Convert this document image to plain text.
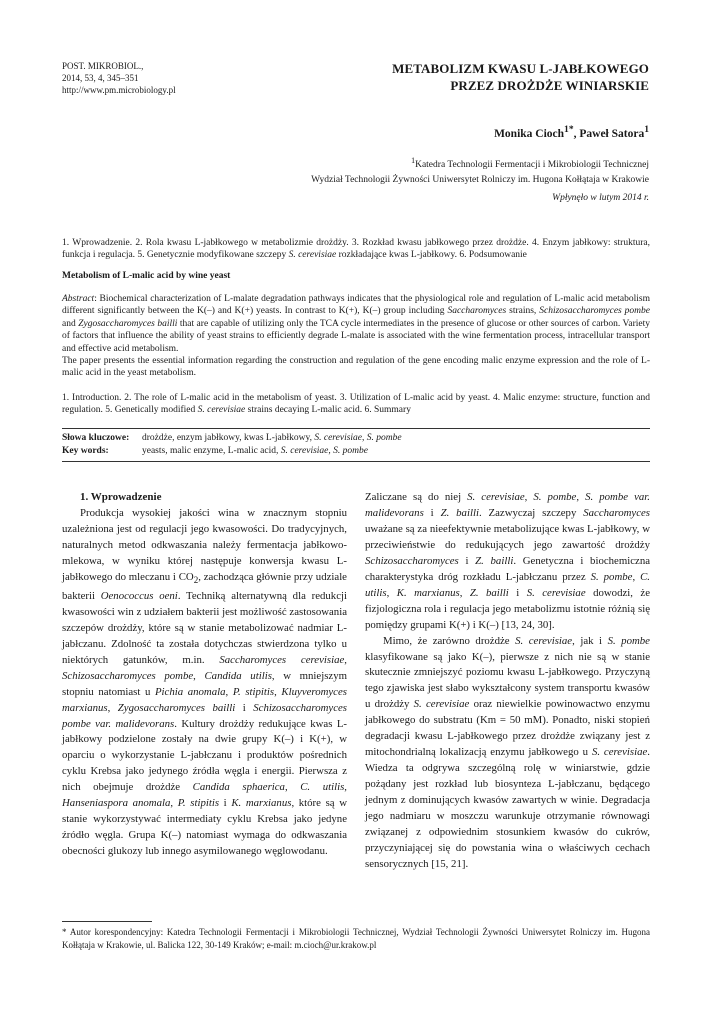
POST. MIKROBIOL.,
2014, 53, 4, 345–351
http://www.pm.microbiology.pl
METABOLIZM KWASU L-JABŁKOWEGO
PRZEZ DROŻDŻE WINIARSKIE
Monika Cioch$^{1*}$, Paweł Satora$^1$
$^1$Katedra Technologii Fermentacji i Mikrobiologii Technicznej
Wydział Technologii Żywności Uniwersytet Rolniczy im. Hugona Kołłątaja w Krakowie
Wpłynęło w lutym 2014 r.
1. Wprowadzenie. 2. Rola kwasu L-jabłkowego w metabolizmie drożdży. 3. Rozkład kwasu jabłkowego przez drożdże. 4. Enzym jabłkowy: struktura, funkcja i regulacja. 5. Genetycznie modyfikowane szczepy S. cerevisiae rozkładające kwas L-jabłkowy. 6. Podsumowanie
Metabolism of L-malic acid by wine yeast
Abstract: Biochemical characterization of L-malate degradation pathways indicates that the physiological role and regulation of L-malic acid metabolism different significantly between the K(–) and K(+) yeasts. In contrast to K(+), K(–) group including Saccharomyces strains, Schizosaccharomyces pombe and Zygosaccharomyces bailli that are capable of utilizing only the TCA cycle intermediates in the presence of glucose or other sources of carbon. Variety of factors that influence the ability of yeast strains to efficiently degrade L-malate is associated with the wine fermentation process, intracellular transport and effective acid metabolism.
The paper presents the essential information regarding the construction and regulation of the gene encoding malic enzyme expression and the role of L-malic acid in the yeast metabolism.
1. Introduction. 2. The role of L-malic acid in the metabolism of yeast. 3. Utilization of L-malic acid by yeast. 4. Malic enzyme: structure, function and regulation. 5. Genetically modified S. cerevisiae strains decaying L-malic acid. 6. Summary
Słowa kluczowe: drożdże, enzym jabłkowy, kwas L-jabłkowy, S. cerevisiae, S. pombe
Key words:	yeasts, malic enzyme, L-malic acid, S. cerevisiae, S. pombe

1. Wprowadzenie

Produkcja wysokiej jakości wina w znacznym stopniu uzależniona jest od regulacji jego kwasowości. Do tradycyjnych, naturalnych metod odkwaszania należy fermentacja jabłkowo-mlekowa, w wyniku której następuje konwersja kwasu L-jabłkowego do mleczanu i $CO_2$, zachodząca głównie przy udziale bakterii Oenococcus oeni. Techniką alternatywną dla redukcji kwasowości win z udziałem bakterii jest możliwość zastosowania szczepów drożdży, które są w stanie metabolizować nadmiar L-jabłczanu. Zdolność ta została dotychczas stwierdzona tylko u niektórych gatunków, m.in. Saccharomyces cerevisiae, Schizosaccharomyces pombe, Candida utilis, w mniejszym stopniu natomiast u Pichia anomala, P. stipitis, Kluyveromyces marxianus, Zygosaccharomyces bailli i Schizosaccharomyces pombe var. malidevorans. Kultury drożdży redukujące kwas L-jabłkowy podzielone zostały na dwie grupy K(–) i K(+), w oparciu o wykorzystanie L-jabłczanu i produktów pośrednich cyklu Krebsa jako jedynego źródła węgla i energii. Pierwsza z nich obejmuje drożdże Candida sphaerica, C. utilis, Hanseniaspora anomala, P. stipitis i K. marxianus, które są w stanie wykorzystywać intermediaty cyklu Krebsa jako jedyne źródło węgla. Grupa K(–) natomiast wymaga do odkwaszania obecności glukozy lub innego asymilowanego węglowodanu.

Zaliczane są do niej S. cerevisiae, S. pombe, S. pombe var. malidevorans i Z. bailli. Zazwyczaj szczepy Saccharomyces uważane są za nieefektywnie metabolizujące kwas L-jabłkowy, w przeciwieństwie do redukujących jego zawartość drożdży Schizosaccharomyces i Z. bailli. Genetyczna i biochemiczna charakterystyka dróg rozkładu L-jabłczanu przez S. pombe, C. utilis, K. marxianus, Z. bailli i S. cerevisiae dowodzi, że fizjologiczna rola i regulacja jego metabolizmu istotnie różnią się pomiędzy grupami K(+) i K(–) [13, 24, 30].

Mimo, że zarówno drożdże S. cerevisiae, jak i S. pombe klasyfikowane są jako K(–), pierwsze z nich nie są w stanie skutecznie zmniejszyć poziomu kwasu L-jabłkowego. Przyczyną tego zjawiska jest słabo wykształcony system transportu kwasów u drożdży S. cerevisiae oraz niewielkie powinowactwo enzymu jabłkowego do substratu (Km = 50 mM). Ponadto, niski stopień degradacji kwasu L-jabłkowego przez drożdże związany jest z mitochondrialną lokalizacją enzymu jabłkowego u S. cerevisiae. Wiedza ta odgrywa szczególną rolę w winiarstwie, gdzie pożądany jest rozkład lub biosynteza L-jabłczanu, będącego jednym z dominujących kwasów zawartych w winie. Degradacja jego nadmiaru w moszczu warunkuje otrzymanie równowagi związanej z odpowiednim stosunkiem kwasów do cukrów, przyczyniającej się do powstania wina o właściwych cechach sensorycznych [15, 21].

* Autor korespondencyjny: Katedra Technologii Fermentacji i Mikrobiologii Technicznej, Wydział Technologii Żywności Uniwersytet Rolniczy im. Hugona Kołłątaja w Krakowie, ul. Balicka 122, 30-149 Kraków; e-mail: m.cioch@ur.krakow.pl
